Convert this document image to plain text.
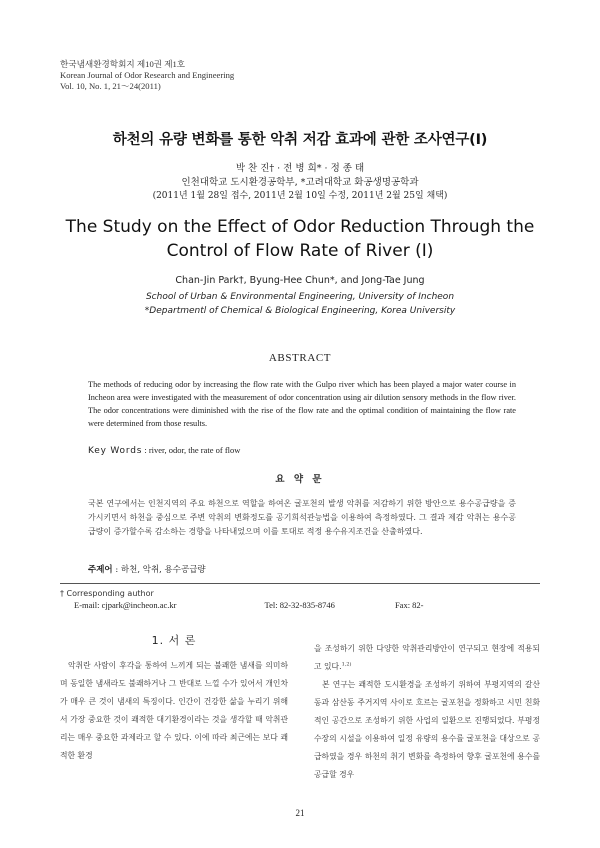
한국냄새환경학회지 제10권 제1호
Korean Journal of Odor Research and Engineering
Vol. 10, No. 1, 21～24(2011)
하천의 유량 변화를 통한 악취 저감 효과에 관한 조사연구(I)
박 찬 진† · 전 병 희* · 정 종 태
인천대학교 도시환경공학부, *고려대학교 화공생명공학과
(2011년 1월 28일 접수, 2011년 2월 10일 수정, 2011년 2월 25일 채택)
The Study on the Effect of Odor Reduction Through the
Control of Flow Rate of River (I)
Chan-Jin Park†, Byung-Hee Chun*, and Jong-Tae Jung
School of Urban & Environmental Engineering, University of Incheon
*Departmentl of Chemical & Biological Engineering, Korea University
ABSTRACT
The methods of reducing odor by increasing the flow rate with the Gulpo river which has been played a major water course in Incheon area were investigated with the measurement of odor concentration using air dilution sensory methods in the flow river. The odor concentrations were diminished with the rise of the flow rate and the optimal condition of maintaining the flow rate were determined from those results.
Key Words : river, odor, the rate of flow
요 약 문
국본 연구에서는 인천지역의 주요 하천으로 역할을 하여온 굴포천의 발생 악취를 저감하기 위한 방안으로 용수공급량을 증가시키면서 하천을 중심으로 주변 악취의 변화정도를 공기희석관능법을 이용하여 측정하였다. 그 결과 제감 악취는 용수공급량이 증가할수록 감소하는 경향을 나타내었으며 이를 토대로 적정 용수유지조건을 산출하였다.
주제어 : 하천, 악취, 용수공급량
† Corresponding author
E-mail: cjpark@incheon.ac.kr	Tel: 82-32-835-8746	Fax: 82-
1. 서 론

악취란 사람이 후각을 통하여 느끼게 되는 불쾌한 냄새를 의미하며 동일한 냄새라도 불쾌하거나 그 반대로 느낄 수가 있어서 개인차가 매우 큰 것이 냄새의 특징이다. 인간이 건강한 삶을 누리기 위해서 가장 중요한 것이 쾌적한 대기환경이라는 것을 생각할 때 악취관리는 매우 중요한 과제라고 할 수 있다. 이에 따라 최근에는 보다 쾌적한 환경

을 조성하기 위한 다양한 악취관리방안이 연구되고 현장에 적용되고 있다.$^{1,2)}$

본 연구는 쾌적한 도시환경을 조성하기 위하여 부평지역의 갈산동과 삼산동 주거지역 사이로 흐르는 굴포천을 정화하고 시민 친화적인 공간으로 조성하기 위한 사업의 일환으로 진행되었다. 부평정수장의 시설을 이용하여 일정 유량의 용수를 굴포천을 대상으로 공급하였을 경우 하천의 취기 변화를 측정하여 향후 굴포천에 용수를 공급할 경우

21
